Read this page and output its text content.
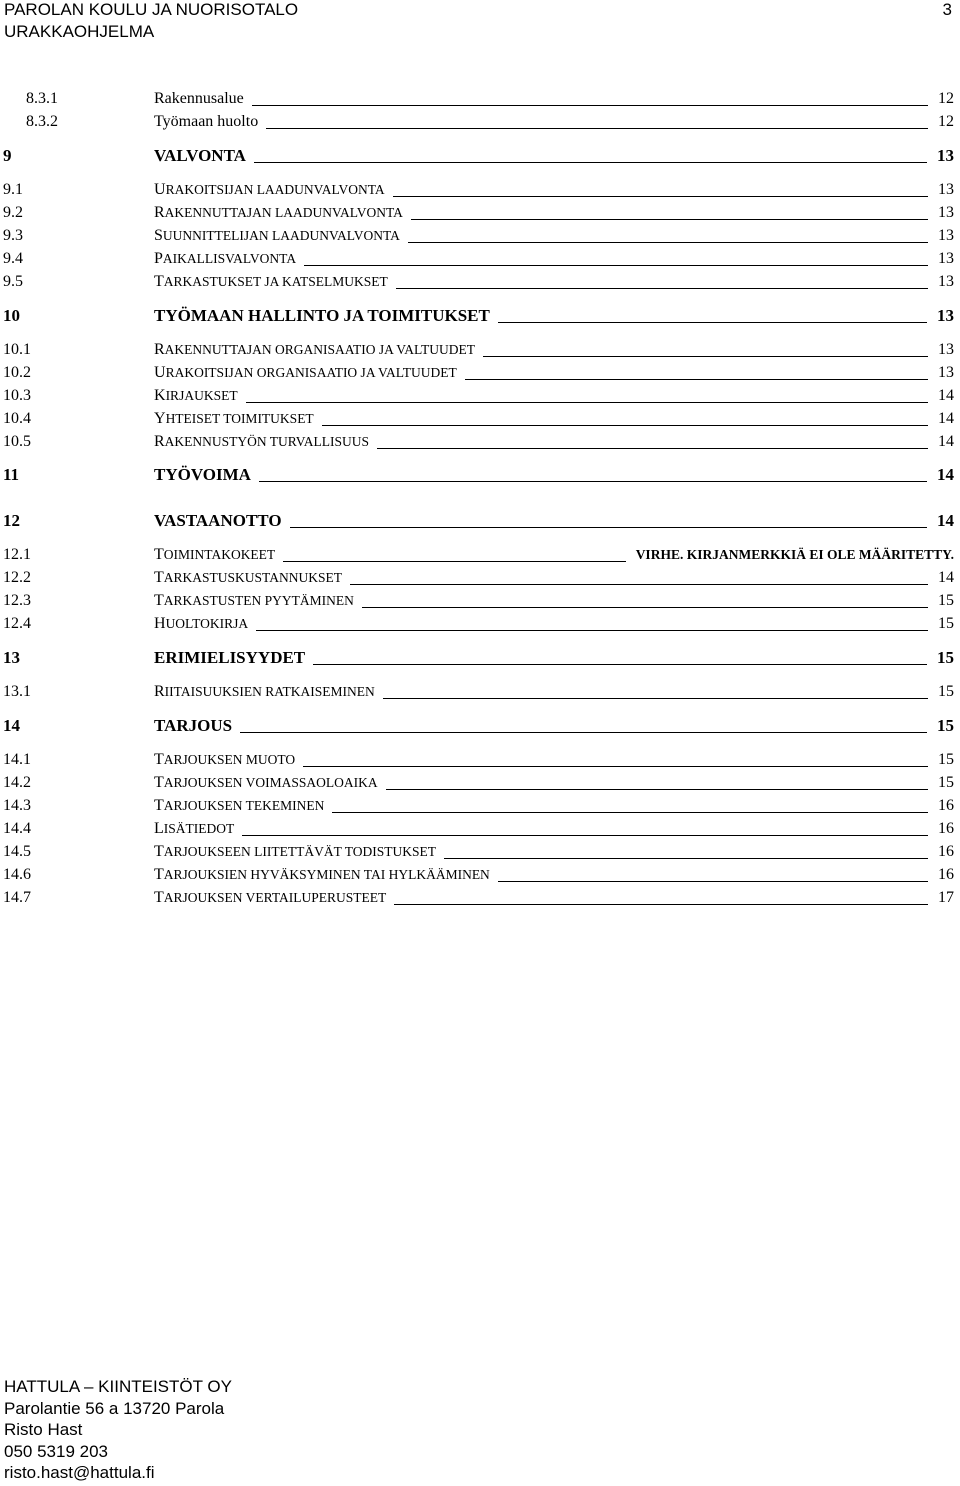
PAROLAN KOULU JA NUORISOTALO
URAKKAOHJELMA
3
8.3.1	Rakennusalue	12
8.3.2	Työmaan huolto	12
9	VALVONTA	13
9.1	URAKOITSIJAN LAADUNVALVONTA	13
9.2	RAKENNUTTAJAN LAADUNVALVONTA	13
9.3	SUUNNITTELIJAN LAADUNVALVONTA	13
9.4	PAIKALLISVALVONTA	13
9.5	TARKASTUKSET JA KATSELMUKSET	13
10	TYÖMAAN HALLINTO JA TOIMITUKSET	13
10.1	RAKENNUTTAJAN ORGANISAATIO JA VALTUUDET	13
10.2	URAKOITSIJAN ORGANISAATIO JA VALTUUDET	13
10.3	KIRJAUKSET	14
10.4	YHTEISET TOIMITUKSET	14
10.5	RAKENNUSTYÖN TURVALLISUUS	14
11	TYÖVOIMA	14
12	VASTAANOTTO	14
12.1	TOIMINTAKOKEET	VIRHE. KIRJANMERKKIÄ EI OLE MÄÄRITETTY.
12.2	TARKASTUSKUSTANNUKSET	14
12.3	TARKASTUSTEN PYYTÄMINEN	15
12.4	HUOLTOKIRJA	15
13	ERIMIELISYYDET	15
13.1	RIITAISUUKSIEN RATKAISEMINEN	15
14	TARJOUS	15
14.1	TARJOUKSEN MUOTO	15
14.2	TARJOUKSEN VOIMASSAOLOAIKA	15
14.3	TARJOUKSEN TEKEMINEN	16
14.4	LISÄTIEDOT	16
14.5	TARJOUKSEEN LIITETTÄVÄT TODISTUKSET	16
14.6	TARJOUKSIEN HYVÄKSYMINEN TAI HYLKÄÄMINEN	16
14.7	TARJOUKSEN VERTAILUPERUSTEET	17
HATTULA – KIINTEISTÖT OY
Parolantie 56 a 13720 Parola
Risto Hast
050 5319 203
risto.hast@hattula.fi
